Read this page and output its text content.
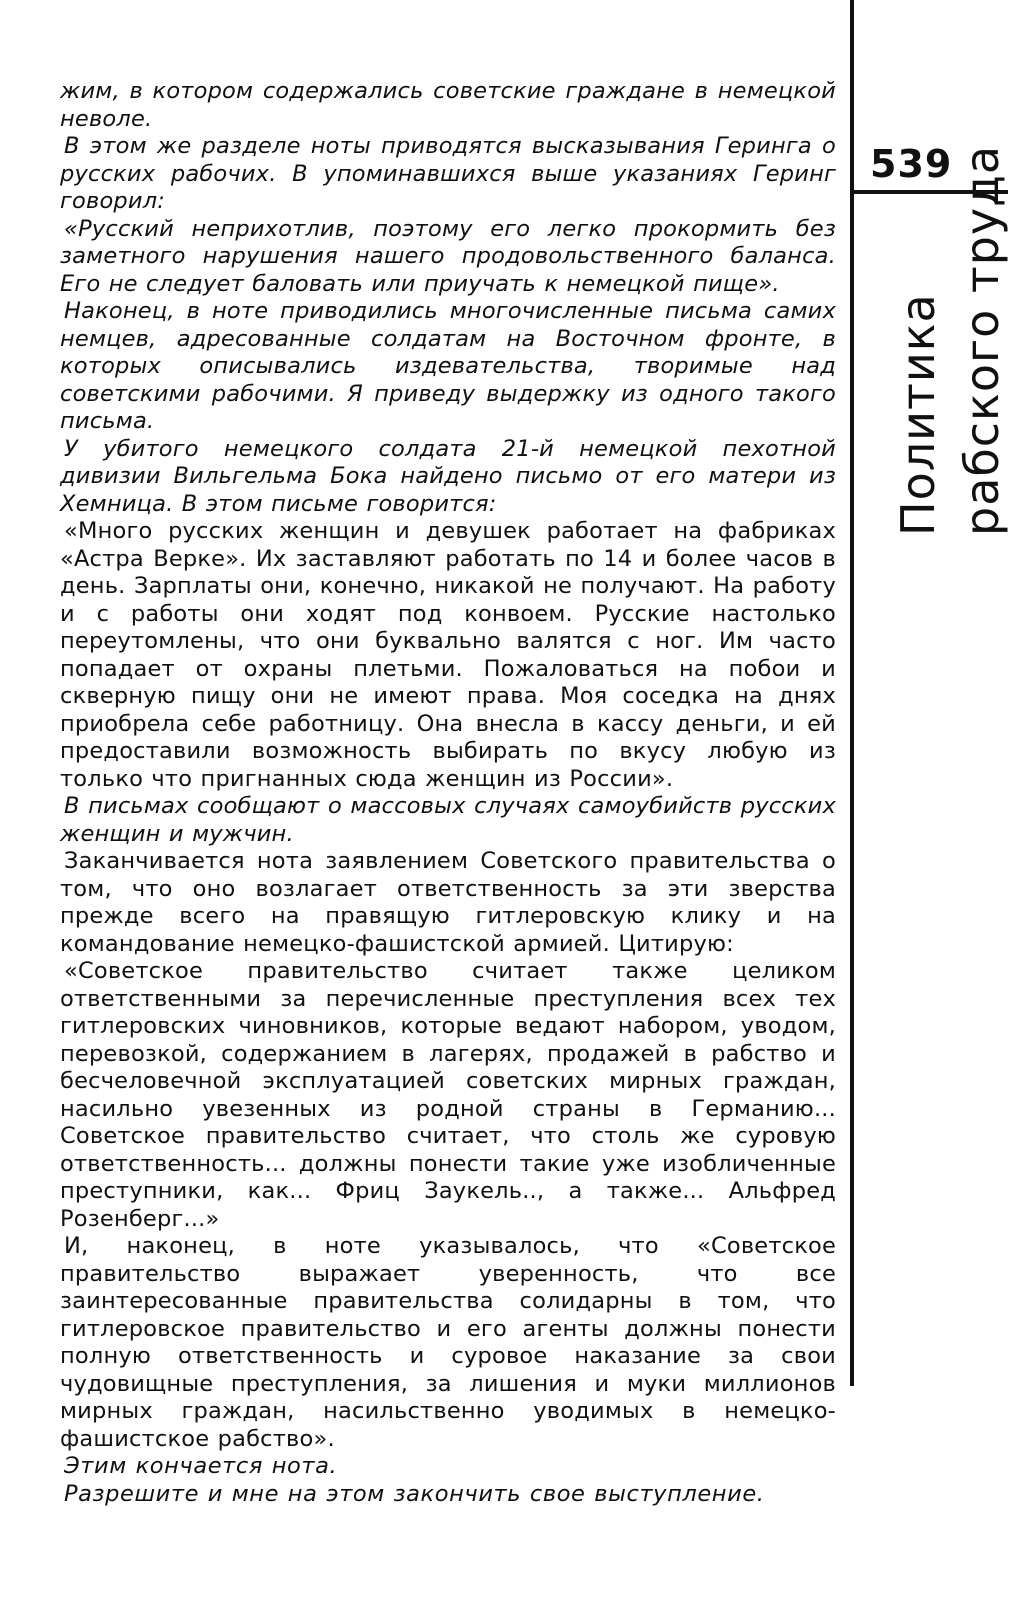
жим, в котором содержались советские граждане в немецкой неволе.

В этом же разделе ноты приводятся высказывания Геринга о русских рабочих. В упоминавшихся выше указаниях Геринг говорил:

«Русский неприхотлив, поэтому его легко прокормить без заметного нарушения нашего продовольственного баланса. Его не следует баловать или приучать к немецкой пище».

Наконец, в ноте приводились многочисленные письма самих немцев, адресованные солдатам на Восточном фронте, в которых описывались издевательства, творимые над советскими рабочими. Я приведу выдержку из одного такого письма.

У убитого немецкого солдата 21-й немецкой пехотной дивизии Вильгельма Бока найдено письмо от его матери из Хемница. В этом письме говорится:

«Много русских женщин и девушек работает на фабриках «Астра Верке». Их заставляют работать по 14 и более часов в день. Зарплаты они, конечно, никакой не получают. На работу и с работы они ходят под конвоем. Русские настолько переутомлены, что они буквально валятся с ног. Им часто попадает от охраны плетьми. Пожаловаться на побои и скверную пищу они не имеют права. Моя соседка на днях приобрела себе работницу. Она внесла в кассу деньги, и ей предоставили возможность выбирать по вкусу любую из только что пригнанных сюда женщин из России».

В письмах сообщают о массовых случаях самоубийств русских женщин и мужчин.

Заканчивается нота заявлением Советского правительства о том, что оно возлагает ответственность за эти зверства прежде всего на правящую гитлеровскую клику и на командование немецко-фашистской армией. Цитирую:

«Советское правительство считает также целиком ответственными за перечисленные преступления всех тех гитлеровских чиновников, которые ведают набором, уводом, перевозкой, содержанием в лагерях, продажей в рабство и бесчеловечной эксплуатацией советских мирных граждан, насильно увезенных из родной страны в Германию... Советское правительство считает, что столь же суровую ответственность... должны понести такие уже изобличенные преступники, как... Фриц Заукель.., а также... Альфред Розенберг...»

И, наконец, в ноте указывалось, что «Советское правительство выражает уверенность, что все заинтересованные правительства солидарны в том, что гитлеровское правительство и его агенты должны понести полную ответственность и суровое наказание за свои чудовищные преступления, за лишения и муки миллионов мирных граждан, насильственно уводимых в немецко-фашистское рабство».

Этим кончается нота.

Разрешите и мне на этом закончить свое выступление.

539
Политика рабского труда
